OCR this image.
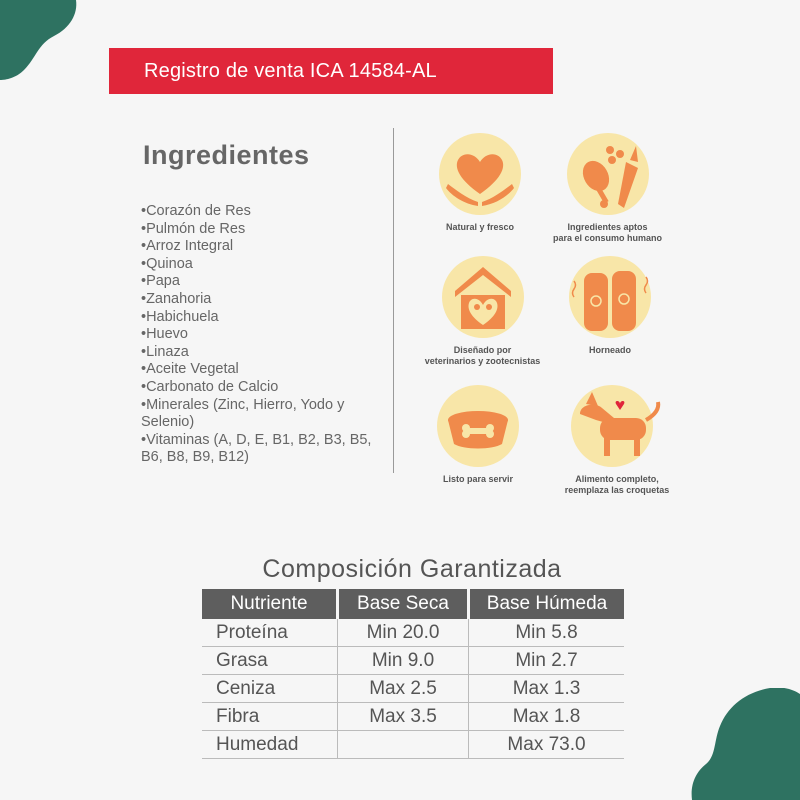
Registro de venta ICA 14584-AL
Ingredientes
•Corazón de Res
•Pulmón de Res
•Arroz Integral
•Quinoa
•Papa
•Zanahoria
•Habichuela
•Huevo
•Linaza
•Aceite Vegetal
•Carbonato de Calcio
•Minerales (Zinc, Hierro, Yodo y Selenio)
•Vitaminas (A, D, E, B1, B2, B3, B5, B6, B8, B9, B12)
Natural y fresco	Ingredientes aptos
para el consumo humano
Diseñado por
veterinarios y zootecnistas
Horneado
Listo para servir	Alimento completo,
reemplaza las croquetas
Composición Garantizada
Nutriente	Base Seca	Base Húmeda
Proteína	Min 20.0	Min 5.8
Grasa	Min 9.0	Min 2.7
Ceniza	Max 2.5	Max 1.3
Fibra	Max 3.5	Max 1.8
Humedad		Max 73.0
